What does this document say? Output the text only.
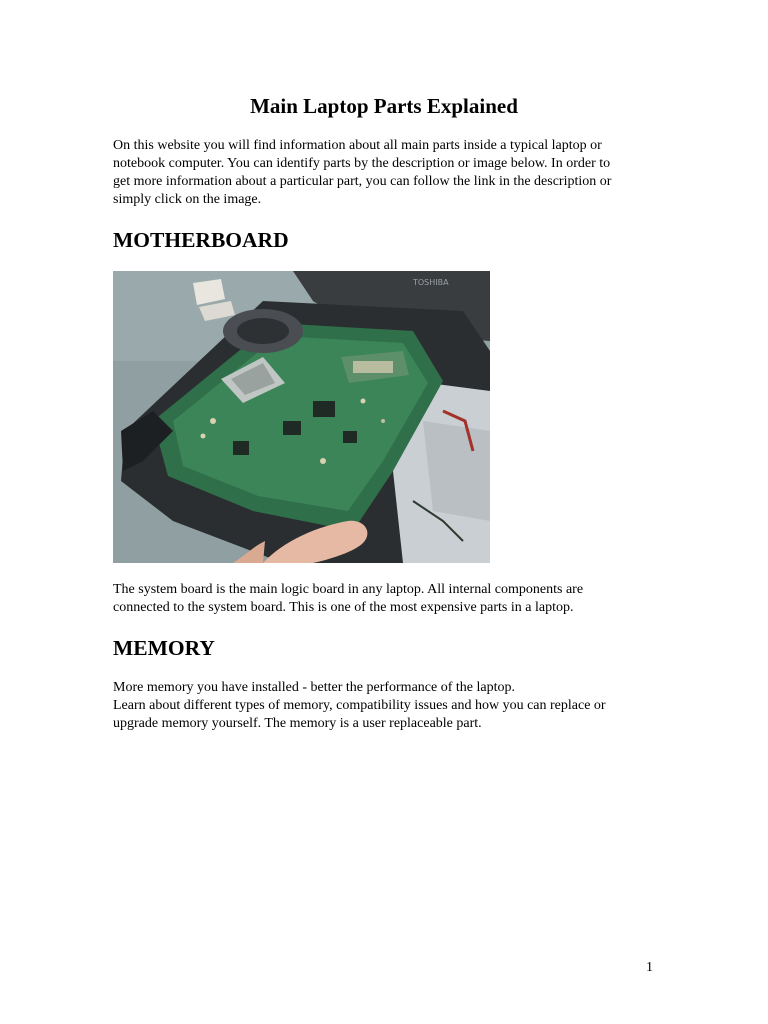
Main Laptop Parts Explained

On this website you will find information about all main parts inside a typical laptop or
notebook computer. You can identify parts by the description or image below. In order to
get more information about a particular part, you can follow the link in the description or
simply click on the image.

MOTHERBOARD
TOSHIBA

The system board is the main logic board in any laptop. All internal components are
connected to the system board. This is one of the most expensive parts in a laptop.

MEMORY

More memory you have installed - better the performance of the laptop.
Learn about different types of memory, compatibility issues and how you can replace or
upgrade memory yourself. The memory is a user replaceable part.

1
